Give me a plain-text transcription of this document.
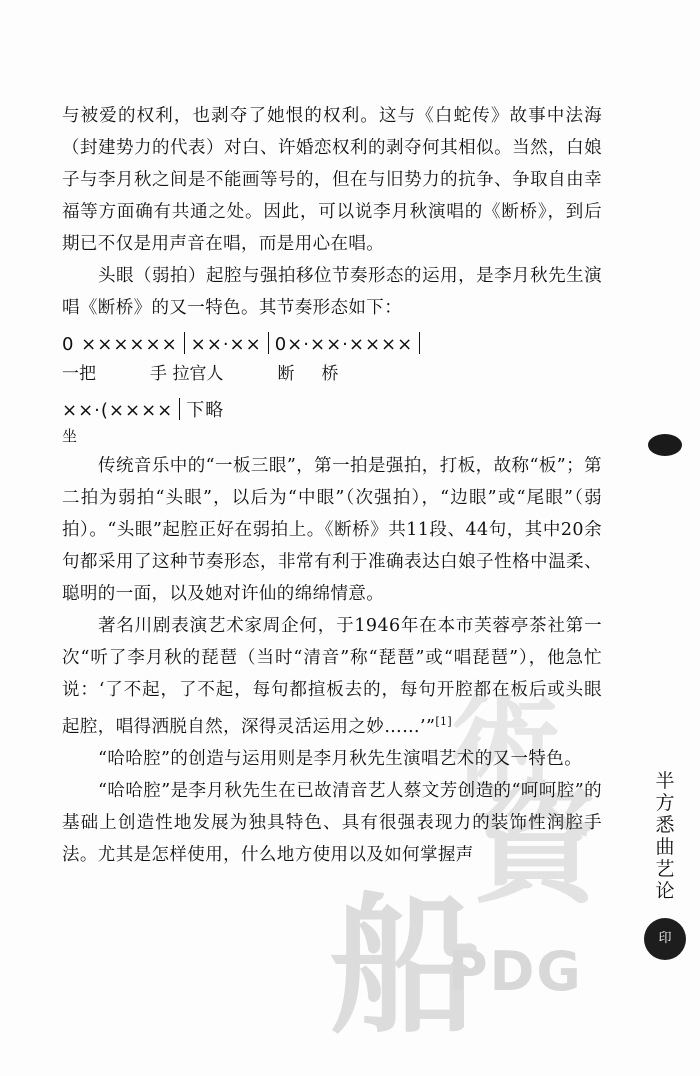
船
資
術
PDG
半方悉曲艺论
印

与被爱的权利，也剥夺了她恨的权利。这与《白蛇传》故事中法海（封建势力的代表）对白、许婚恋权利的剥夺何其相似。当然，白娘子与李月秋之间是不能画等号的，但在与旧势力的抗争、争取自由幸福等方面确有共通之处。因此，可以说李月秋演唱的《断桥》，到后期已不仅是用声音在唱，而是用心在唱。

头眼（弱拍）起腔与强拍移位节奏形态的运用，是李月秋先生演唱《断桥》的又一特色。其节奏形态如下：

0 ×××××× ××·×× 0×·××·××××
一把          手 拉官人          断     桥
××·(×××× 下略
坐

传统音乐中的“一板三眼”，第一拍是强拍，打板，故称“板”；第二拍为弱拍“头眼”，以后为“中眼”（次强拍），“边眼”或“尾眼”（弱拍）。“头眼”起腔正好在弱拍上。《断桥》共11段、44句，其中20余句都采用了这种节奏形态，非常有利于准确表达白娘子性格中温柔、聪明的一面，以及她对许仙的绵绵情意。

著名川剧表演艺术家周企何，于1946年在本市芙蓉亭茶社第一次“听了李月秋的琵琶（当时“清音”称“琵琶”或“唱琵琶”），他急忙说：‘了不起，了不起，每句都揎板去的，每句开腔都在板后或头眼起腔，唱得洒脱自然，深得灵活运用之妙……’”[1]

“哈哈腔”的创造与运用则是李月秋先生演唱艺术的又一特色。

“哈哈腔”是李月秋先生在已故清音艺人蔡文芳创造的“呵呵腔”的基础上创造性地发展为独具特色、具有很强表现力的装饰性润腔手法。尤其是怎样使用，什么地方使用以及如何掌握声
